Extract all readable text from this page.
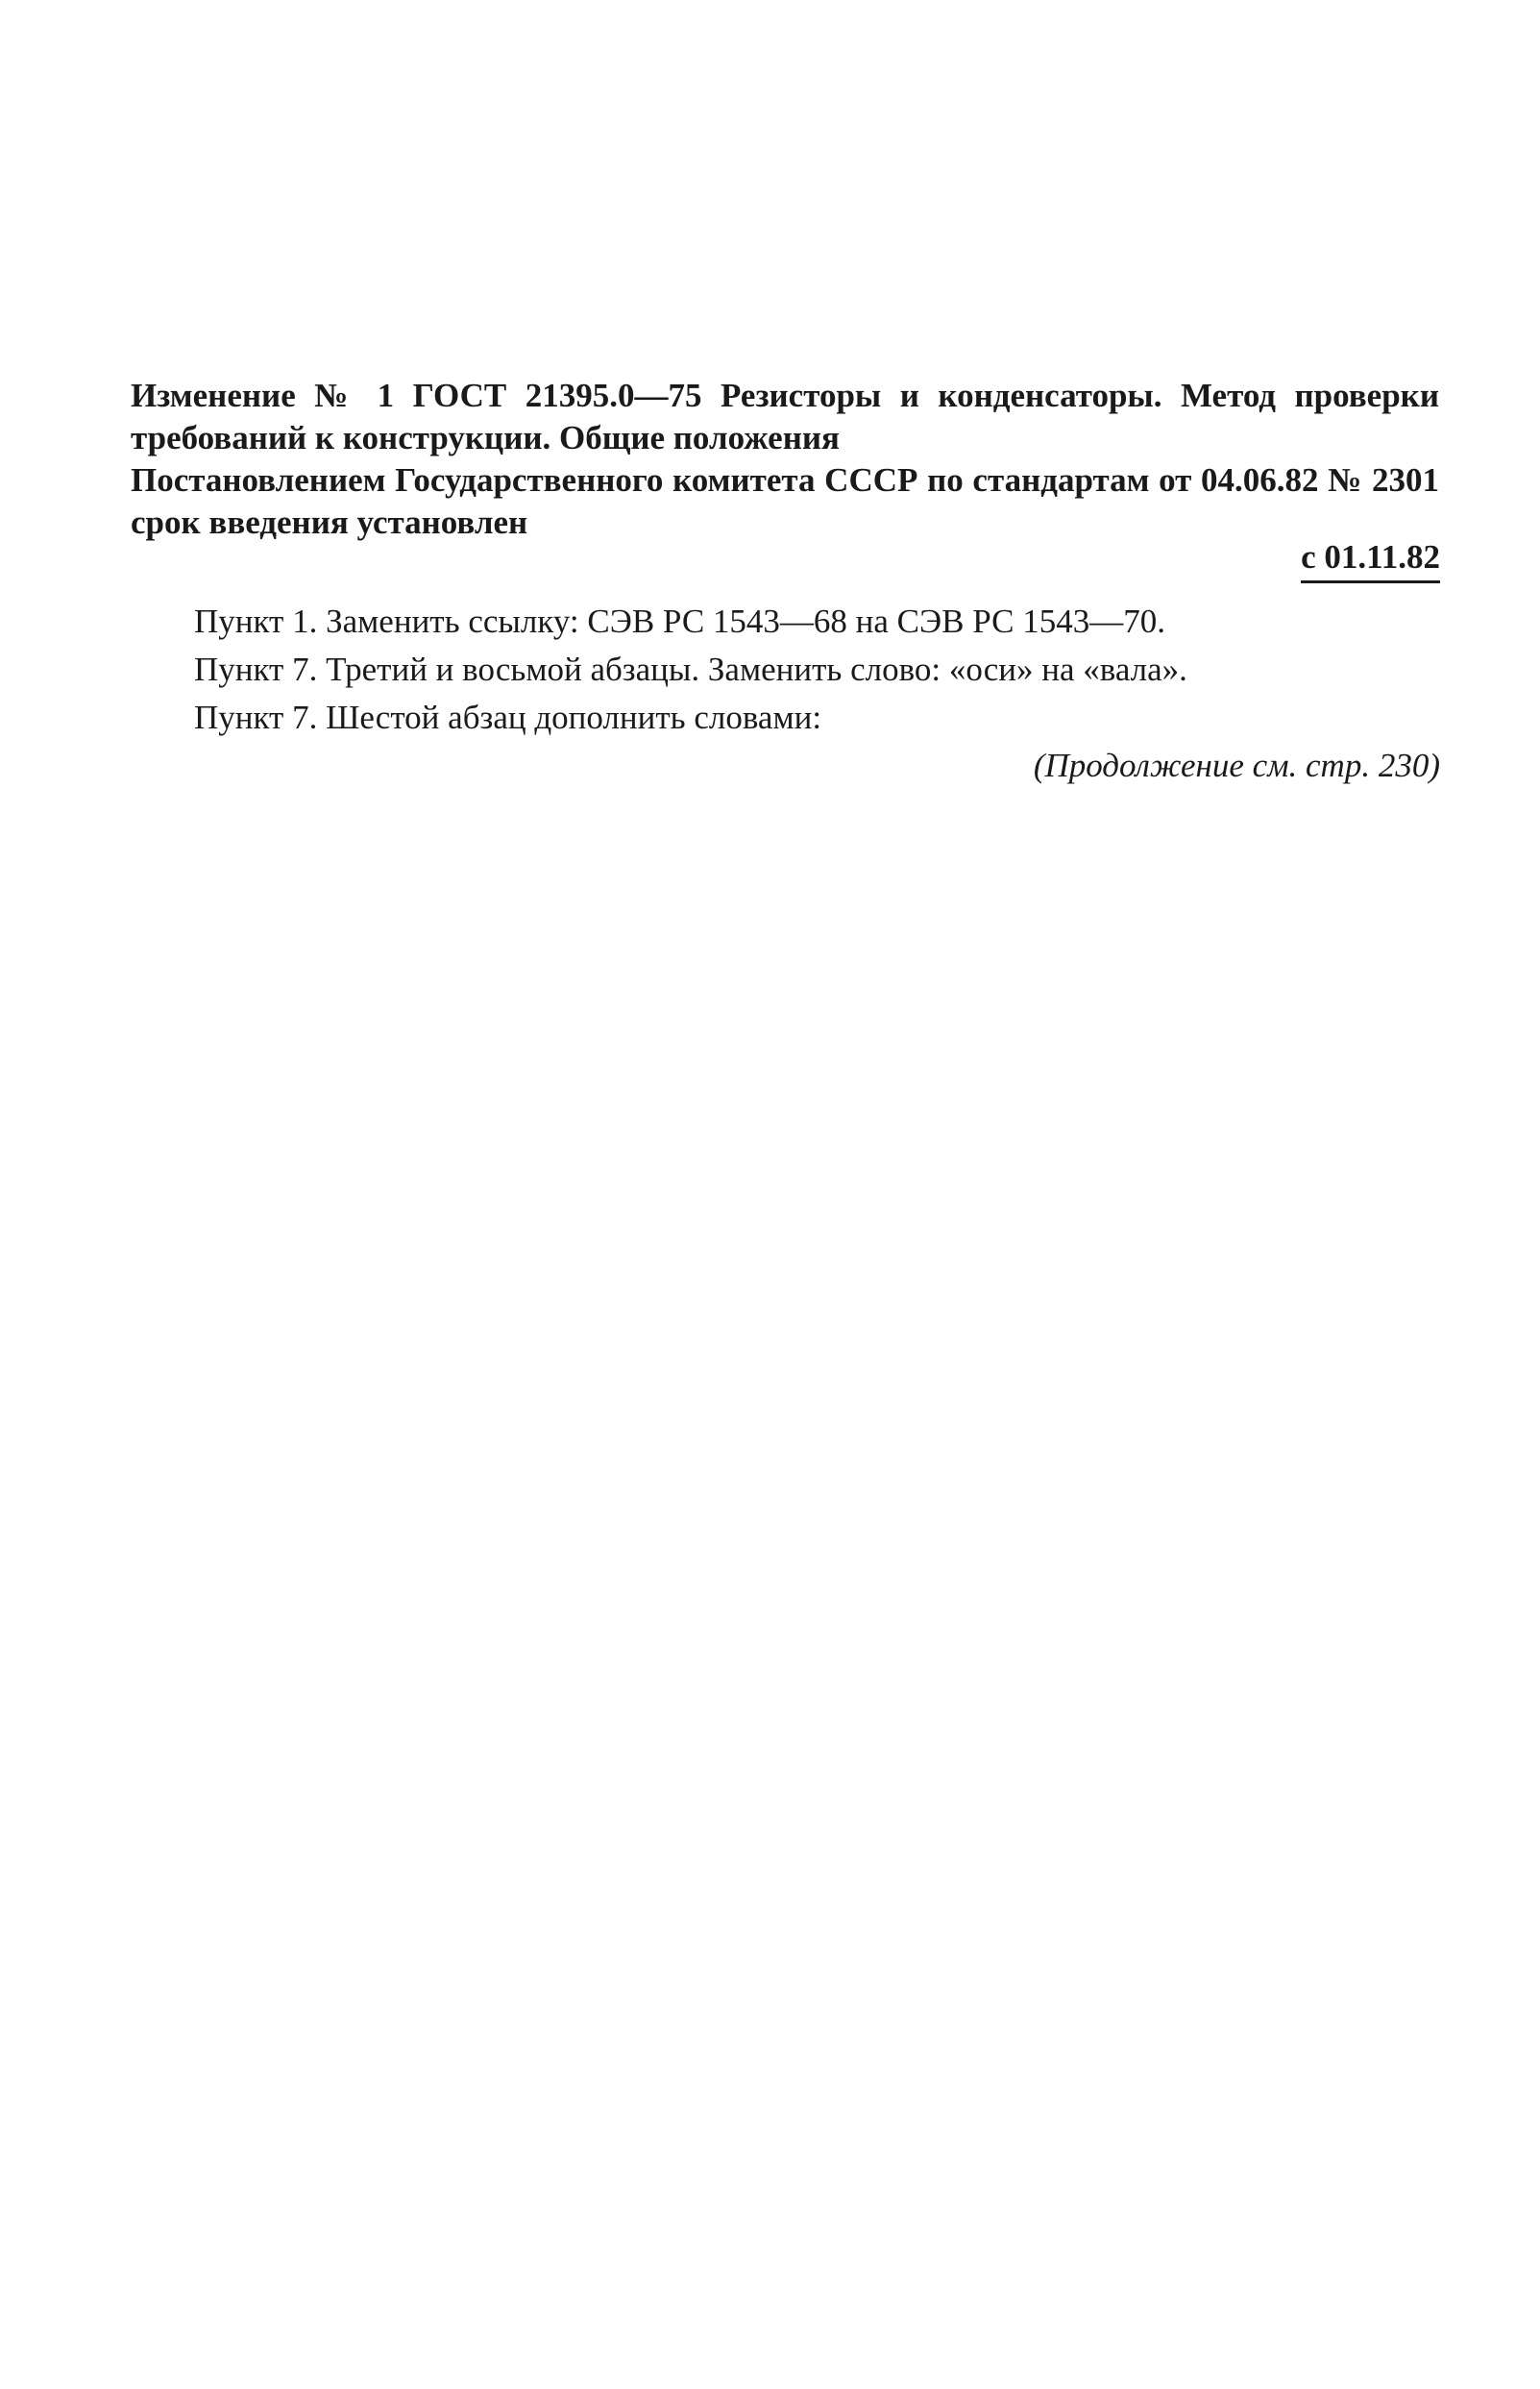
Изменение № 1 ГОСТ 21395.0—75 Резисторы и конденсаторы. Метод проверки требований к конструкции. Общие положения
Постановлением Государственного комитета СССР по стандартам от 04.06.82 № 2301 срок введения установлен
с 01.11.82
Пункт 1. Заменить ссылку: СЭВ РС 1543—68 на СЭВ РС 1543—70.
Пункт 7. Третий и восьмой абзацы. Заменить слово: «оси» на «вала».
Пункт 7. Шестой абзац дополнить словами:
(Продолжение см. стр. 230)
